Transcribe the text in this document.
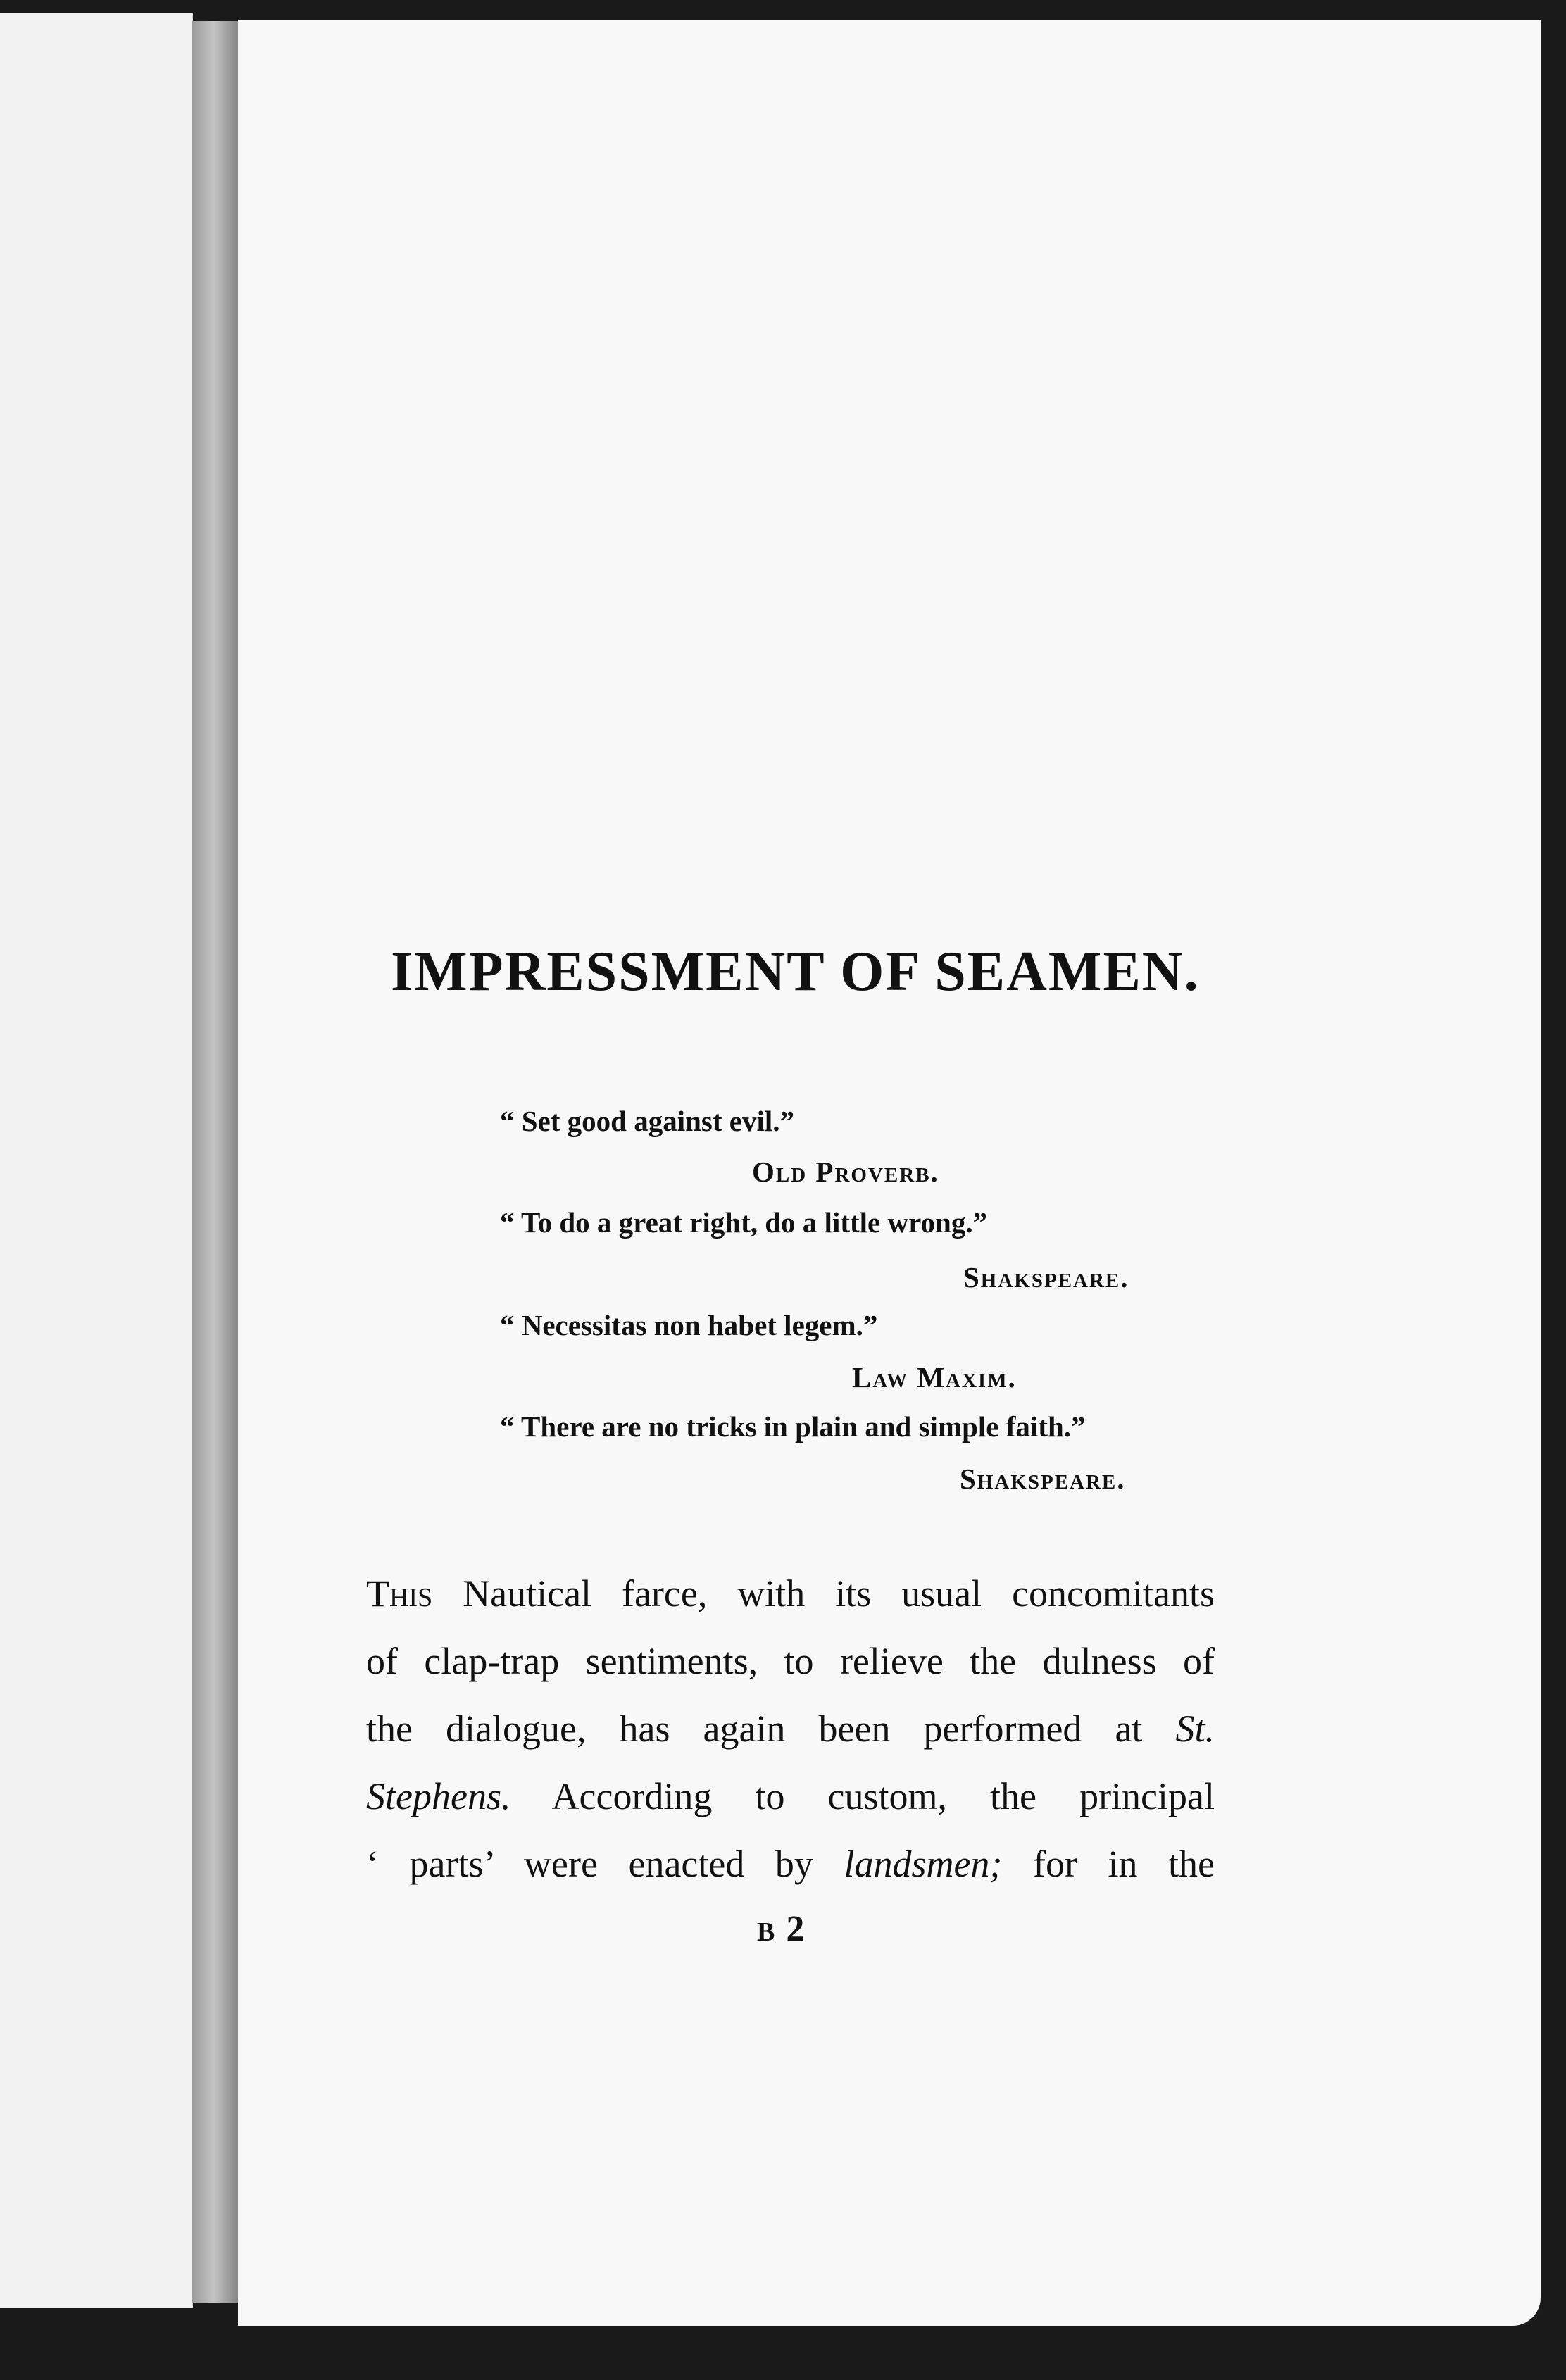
IMPRESSMENT OF SEAMEN.
“ Set good against evil.”
Old Proverb.
“ To do a great right, do a little wrong.”
Shakspeare.
“ Necessitas non habet legem.”
Law Maxim.
“ There are no tricks in plain and simple faith.”
Shakspeare.
This Nautical farce, with its usual concomitants
of clap-trap sentiments, to relieve the dulness of
the dialogue, has again been performed at St.
Stephens. According to custom, the principal
‘ parts’ were enacted by landsmen; for in the
B 2
